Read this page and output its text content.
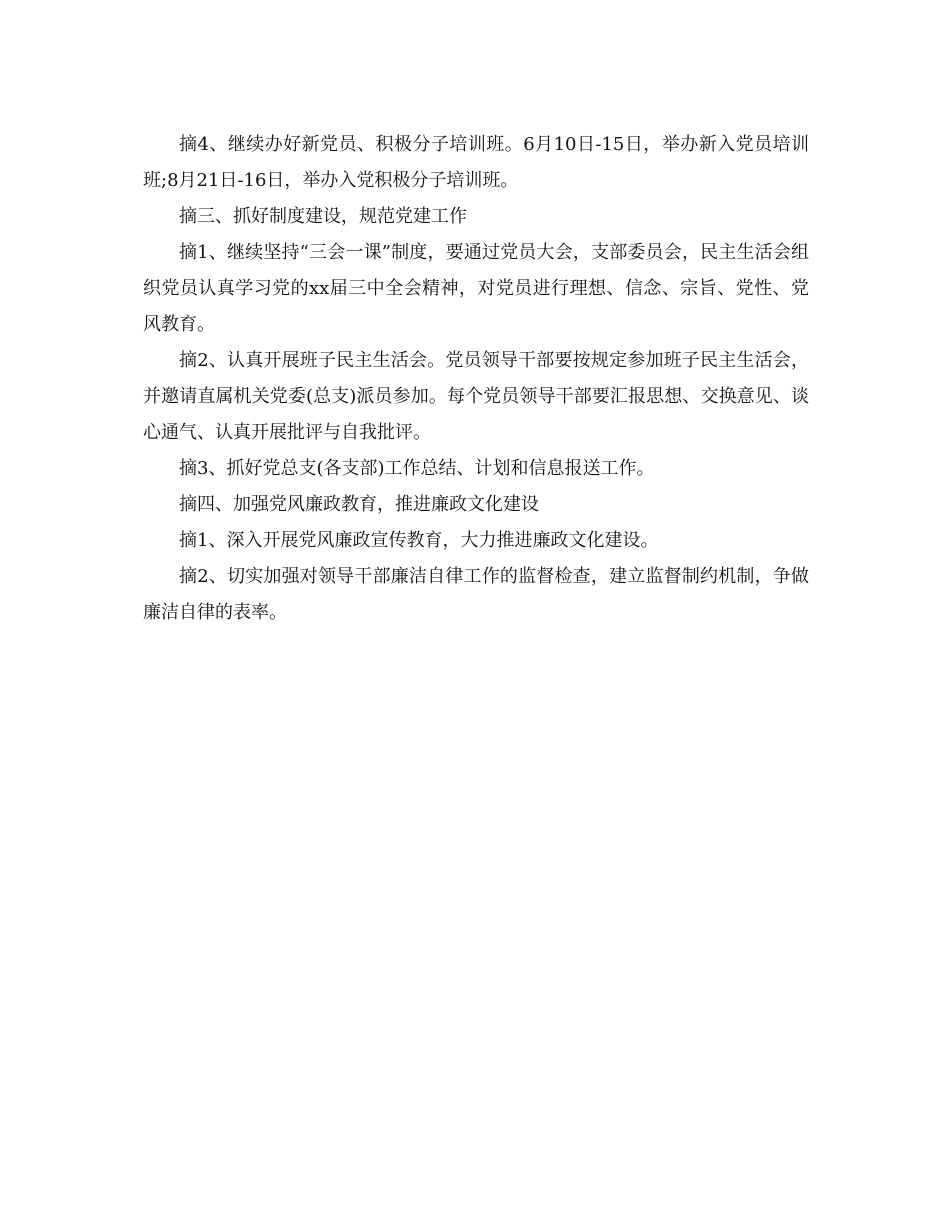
摘4、继续办好新党员、积极分子培训班。6月10日-15日，举办新入党员培训班;8月21日-16日，举办入党积极分子培训班。

摘三、抓好制度建设，规范党建工作

摘1、继续坚持“三会一课”制度，要通过党员大会，支部委员会，民主生活会组织党员认真学习党的xx届三中全会精神，对党员进行理想、信念、宗旨、党性、党风教育。

摘2、认真开展班子民主生活会。党员领导干部要按规定参加班子民主生活会，并邀请直属机关党委(总支)派员参加。每个党员领导干部要汇报思想、交换意见、谈心通气、认真开展批评与自我批评。

摘3、抓好党总支(各支部)工作总结、计划和信息报送工作。

摘四、加强党风廉政教育，推进廉政文化建设

摘1、深入开展党风廉政宣传教育，大力推进廉政文化建设。

摘2、切实加强对领导干部廉洁自律工作的监督检查，建立监督制约机制，争做廉洁自律的表率。
